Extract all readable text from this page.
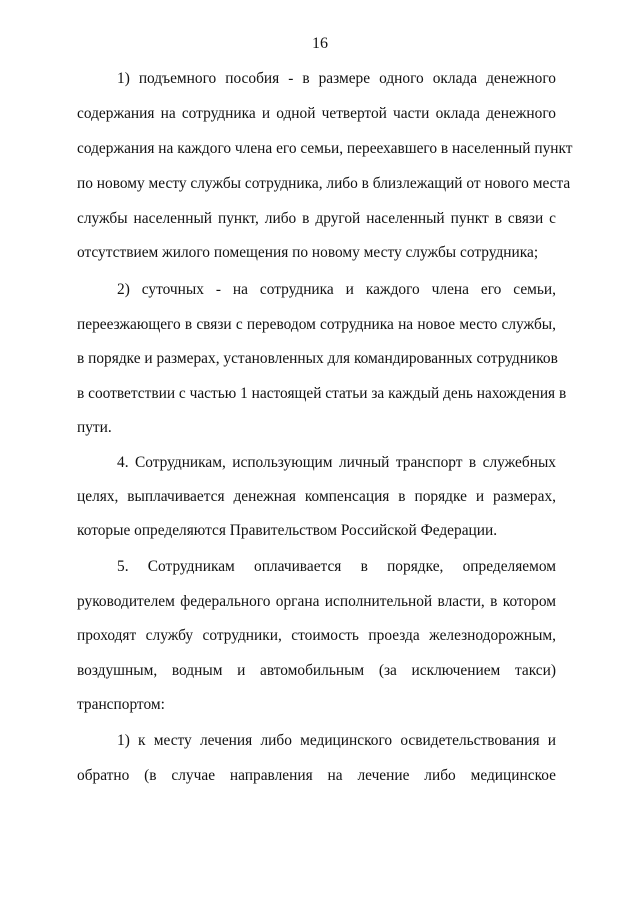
16
1) подъемного пособия - в размере одного оклада денежного
содержания на сотрудника и одной четвертой части оклада денежного
содержания на каждого члена его семьи, переехавшего в населенный пункт
по новому месту службы сотрудника, либо в близлежащий от нового места
службы населенный пункт, либо в другой населенный пункт в связи с
отсутствием жилого помещения по новому месту службы сотрудника;
2) суточных - на сотрудника и каждого члена его семьи,
переезжающего в связи с переводом сотрудника на новое место службы,
в порядке и размерах, установленных для командированных сотрудников
в соответствии с частью 1 настоящей статьи за каждый день нахождения в
пути.
4. Сотрудникам, использующим личный транспорт в служебных
целях, выплачивается денежная компенсация в порядке и размерах,
которые определяются Правительством Российской Федерации.
5. Сотрудникам оплачивается в порядке, определяемом
руководителем федерального органа исполнительной власти, в котором
проходят службу сотрудники, стоимость проезда железнодорожным,
воздушным, водным и автомобильным (за исключением такси)
транспортом:
1) к месту лечения либо медицинского освидетельствования и
обратно (в случае направления на лечение либо медицинское
